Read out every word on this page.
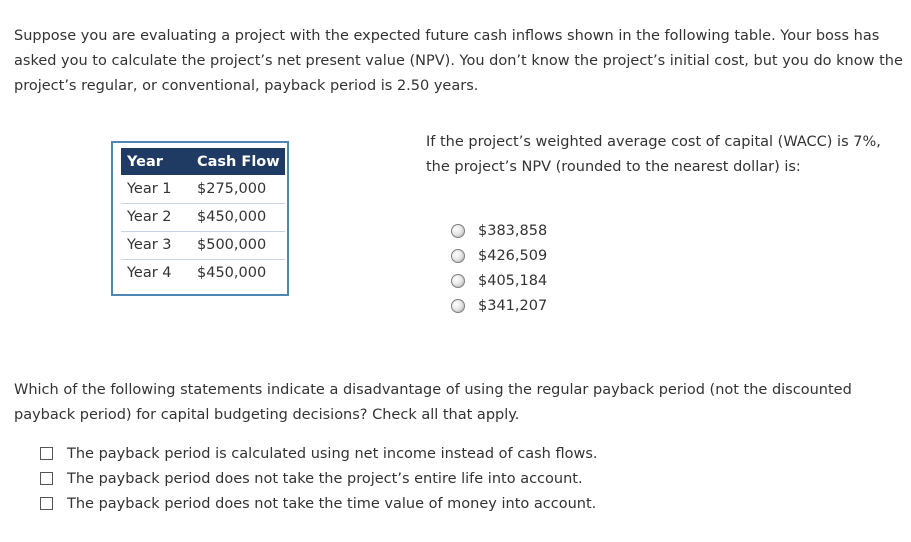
Suppose you are evaluating a project with the expected future cash inflows shown in the following table. Your boss has asked you to calculate the project’s net present value (NPV). You don’t know the project’s initial cost, but you do know the project’s regular, or conventional, payback period is 2.50 years.

Year	Cash Flow
Year 1	$275,000
Year 2	$450,000
Year 3	$500,000
Year 4	$450,000

If the project’s weighted average cost of capital (WACC) is 7%, the project’s NPV (rounded to the nearest dollar) is:

$383,858
$426,509
$405,184
$341,207

Which of the following statements indicate a disadvantage of using the regular payback period (not the discounted payback period) for capital budgeting decisions? Check all that apply.

The payback period is calculated using net income instead of cash flows.
The payback period does not take the project’s entire life into account.
The payback period does not take the time value of money into account.
